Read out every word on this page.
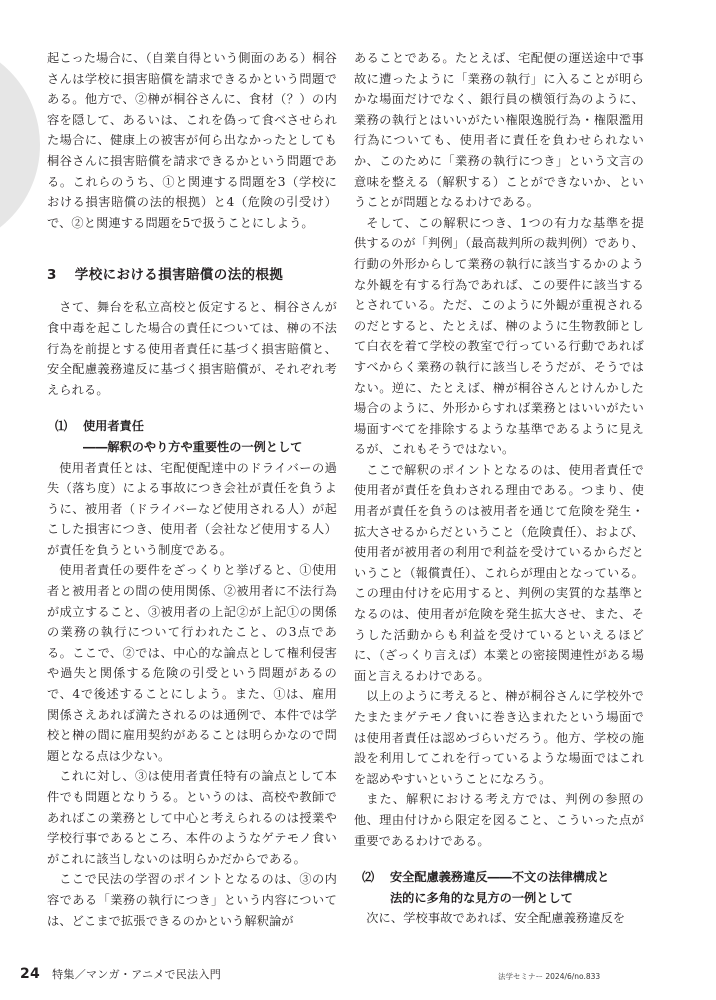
起こった場合に、（自業自得という側面のある）桐谷さんは学校に損害賠償を請求できるかという問題である。他方で、②榊が桐谷さんに、食材（？）の内容を隠して、あるいは、これを偽って食べさせられた場合に、健康上の被害が何ら出なかったとしても桐谷さんに損害賠償を請求できるかという問題である。これらのうち、①と関連する問題を3（学校における損害賠償の法的根拠）と4（危険の引受け）で、②と関連する問題を5で扱うことにしよう。

3 学校における損害賠償の法的根拠

さて、舞台を私立高校と仮定すると、桐谷さんが食中毒を起こした場合の責任については、榊の不法行為を前提とする使用者責任に基づく損害賠償と、安全配慮義務違反に基づく損害賠償が、それぞれ考えられる。

⑴ 使用者責任
――解釈のやり方や重要性の一例として

使用者責任とは、宅配便配達中のドライバーの過失（落ち度）による事故につき会社が責任を負うように、被用者（ドライバーなど使用される人）が起こした損害につき、使用者（会社など使用する人）が責任を負うという制度である。

使用者責任の要件をざっくりと挙げると、①使用者と被用者との間の使用関係、②被用者に不法行為が成立すること、③被用者の上記②が上記①の関係の業務の執行について行われたこと、の3点である。ここで、②では、中心的な論点として権利侵害や過失と関係する危険の引受という問題があるので、4で後述することにしよう。また、①は、雇用関係さえあれば満たされるのは通例で、本件では学校と榊の間に雇用契約があることは明らかなので問題となる点は少ない。

これに対し、③は使用者責任特有の論点として本件でも問題となりうる。というのは、高校や教師であればこの業務として中心と考えられるのは授業や学校行事であるところ、本件のようなゲテモノ食いがこれに該当しないのは明らかだからである。

ここで民法の学習のポイントとなるのは、③の内容である「業務の執行につき」という内容については、どこまで拡張できるのかという解釈論が

あることである。たとえば、宅配便の運送途中で事故に遭ったように「業務の執行」に入ることが明らかな場面だけでなく、銀行員の横領行為のように、業務の執行とはいいがたい権限逸脱行為・権限濫用行為についても、使用者に責任を負わせられないか、このために「業務の執行につき」という文言の意味を整える（解釈する）ことができないか、ということが問題となるわけである。

そして、この解釈につき、1つの有力な基準を提供するのが「判例」（最高裁判所の裁判例）であり、行動の外形からして業務の執行に該当するかのような外観を有する行為であれば、この要件に該当するとされている。ただ、このように外観が重視されるのだとすると、たとえば、榊のように生物教師として白衣を着て学校の教室で行っている行動であればすべからく業務の執行に該当しそうだが、そうではない。逆に、たとえば、榊が桐谷さんとけんかした場合のように、外形からすれば業務とはいいがたい場面すべてを排除するような基準であるように見えるが、これもそうではない。

ここで解釈のポイントとなるのは、使用者責任で使用者が責任を負わされる理由である。つまり、使用者が責任を負うのは被用者を通じて危険を発生・拡大させるからだということ（危険責任）、および、使用者が被用者の利用で利益を受けているからだということ（報償責任）、これらが理由となっている。この理由付けを応用すると、判例の実質的な基準となるのは、使用者が危険を発生拡大させ、また、そうした活動からも利益を受けているといえるほどに、（ざっくり言えば）本業との密接関連性がある場面と言えるわけである。

以上のように考えると、榊が桐谷さんに学校外でたまたまゲテモノ食いに巻き込まれたという場面では使用者責任は認めづらいだろう。他方、学校の施設を利用してこれを行っているような場面ではこれを認めやすいということになろう。

また、解釈における考え方では、判例の参照の他、理由付けから限定を図ること、こういった点が重要であるわけである。

⑵ 安全配慮義務違反――不文の法律構成と
法的に多角的な見方の一例として

次に、学校事故であれば、安全配慮義務違反を

24 特集／マンガ・アニメで民法入門	法学セミナー 2024/6/no.833
